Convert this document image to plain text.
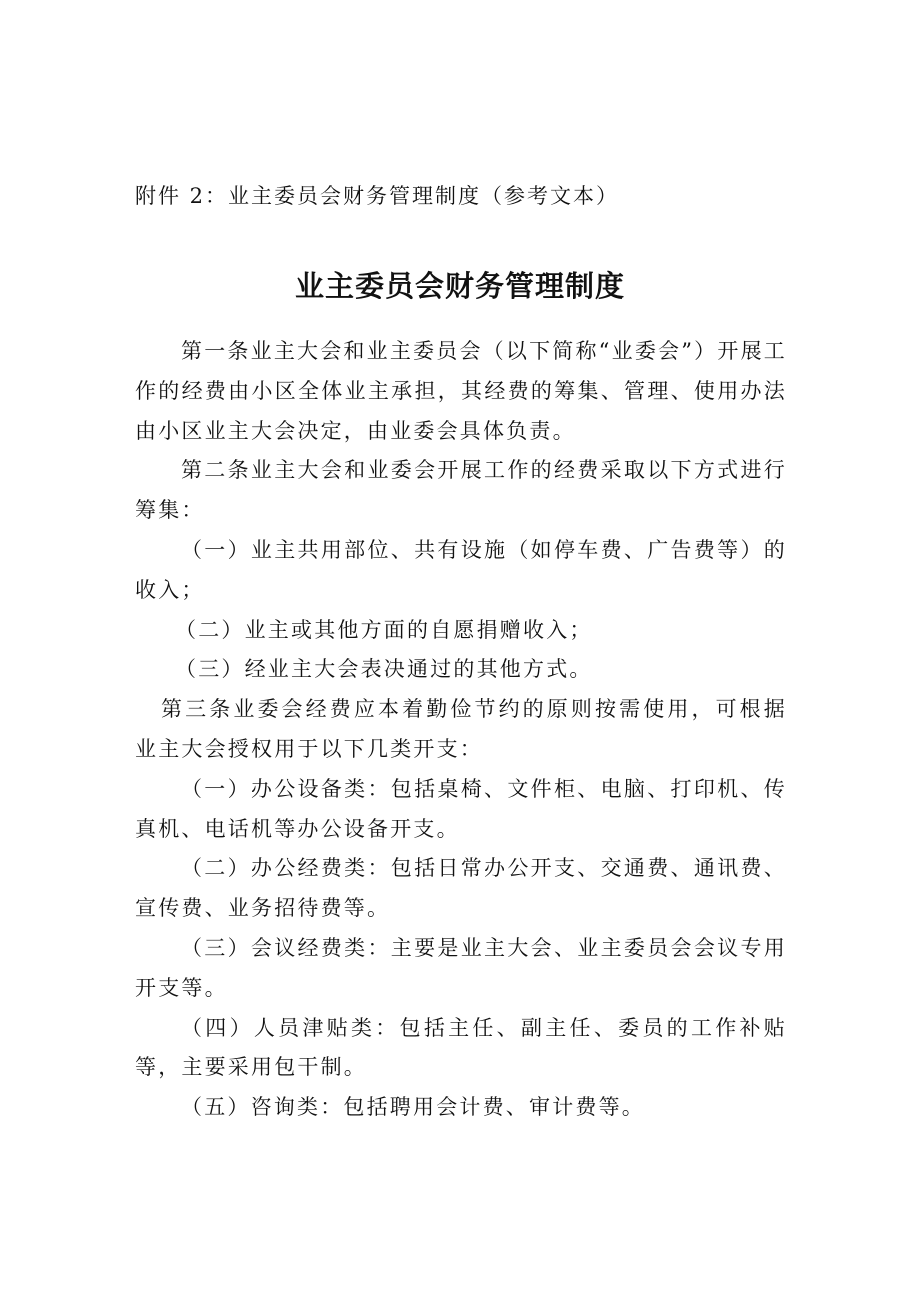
附件 2：业主委员会财务管理制度（参考文本）
业主委员会财务管理制度

第一条业主大会和业主委员会（以下简称“业委会”）开展工作的经费由小区全体业主承担，其经费的筹集、管理、使用办法由小区业主大会决定，由业委会具体负责。

第二条业主大会和业委会开展工作的经费采取以下方式进行筹集：

（一）业主共用部位、共有设施（如停车费、广告费等）的收入；

（二）业主或其他方面的自愿捐赠收入；

（三）经业主大会表决通过的其他方式。

第三条业委会经费应本着勤俭节约的原则按需使用，可根据业主大会授权用于以下几类开支：

（一）办公设备类：包括桌椅、文件柜、电脑、打印机、传真机、电话机等办公设备开支。

（二）办公经费类：包括日常办公开支、交通费、通讯费、宣传费、业务招待费等。

（三）会议经费类：主要是业主大会、业主委员会会议专用开支等。

（四）人员津贴类：包括主任、副主任、委员的工作补贴等，主要采用包干制。

（五）咨询类：包括聘用会计费、审计费等。
